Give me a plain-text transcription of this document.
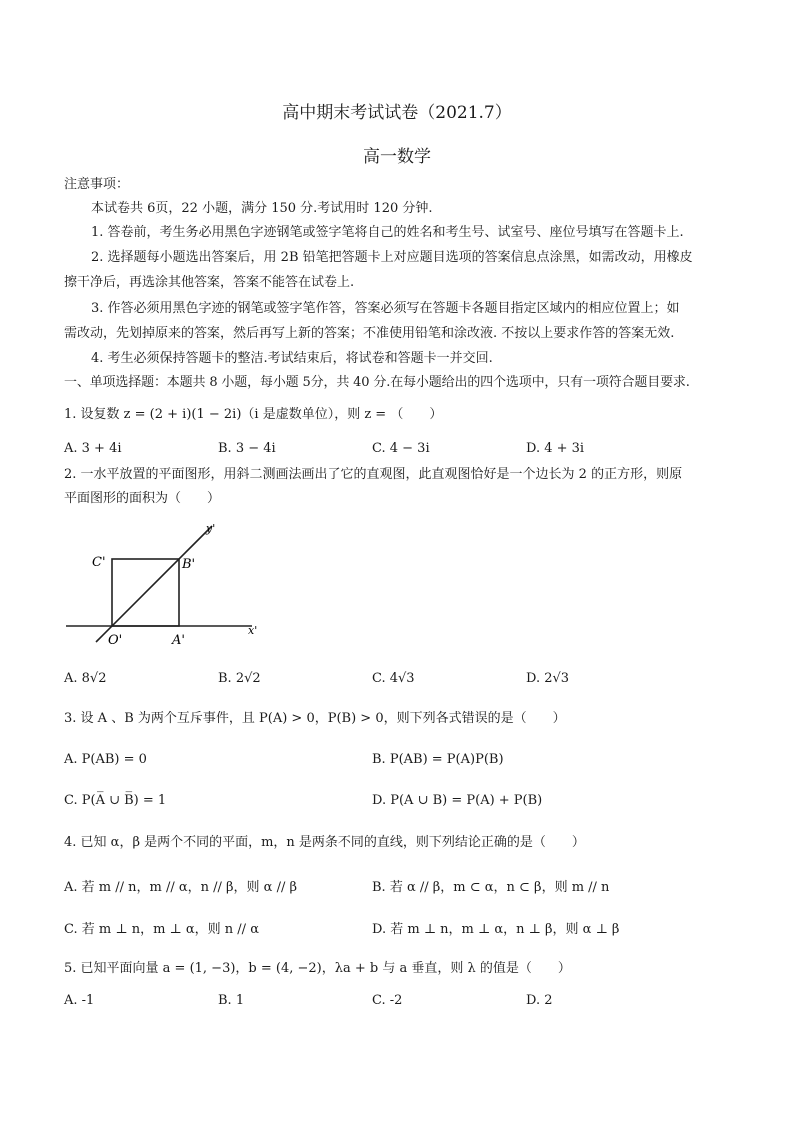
高中期末考试试卷（2021.7）
高一数学
注意事项：
本试卷共 6页，22 小题，满分 150 分.考试用时 120 分钟.
1. 答卷前，考生务必用黑色字迹钢笔或签字笔将自己的姓名和考生号、试室号、座位号填写在答题卡上.
2. 选择题每小题选出答案后，用 2B 铅笔把答题卡上对应题目选项的答案信息点涂黑，如需改动，用橡皮
擦干净后，再选涂其他答案，答案不能答在试卷上.
3. 作答必须用黑色字迹的钢笔或签字笔作答，答案必须写在答题卡各题目指定区域内的相应位置上；如
需改动，先划掉原来的答案，然后再写上新的答案；不准使用铅笔和涂改液. 不按以上要求作答的答案无效.
4. 考生必须保持答题卡的整洁.考试结束后，将试卷和答题卡一并交回.
一、单项选择题：本题共 8 小题，每小题 5分，共 40 分.在每小题给出的四个选项中，只有一项符合题目要求.
1. 设复数 z = (2 + i)(1 − 2i)（i 是虚数单位），则 z = （　　）
A. 3 + 4i	B. 3 − 4i	C. 4 − 3i	D. 4 + 3i
2. 一水平放置的平面图形，用斜二测画法画出了它的直观图，此直观图恰好是一个边长为 2 的正方形，则原
平面图形的面积为（　　）
C'	B'
O'	A'
x'
y'
A. 8√2	B. 2√2	C. 4√3	D. 2√3
3. 设 A 、B 为两个互斥事件，且 P(A) > 0，P(B) > 0，则下列各式错误的是（　　）
A. P(AB) = 0	B. P(AB) = P(A)P(B)
C. P(A̅ ∪ B̅) = 1	D. P(A ∪ B) = P(A) + P(B)
4. 已知 α，β 是两个不同的平面，m，n 是两条不同的直线，则下列结论正确的是（　　）
A. 若 m // n，m // α，n // β，则 α // β	B. 若 α // β，m ⊂ α，n ⊂ β，则 m // n
C. 若 m ⊥ n，m ⊥ α，则 n // α	D. 若 m ⊥ n，m ⊥ α，n ⊥ β，则 α ⊥ β
5. 已知平面向量 a = (1, −3)，b = (4, −2)，λa + b 与 a 垂直，则 λ 的值是（　　）
A. -1	B. 1	C. -2	D. 2
